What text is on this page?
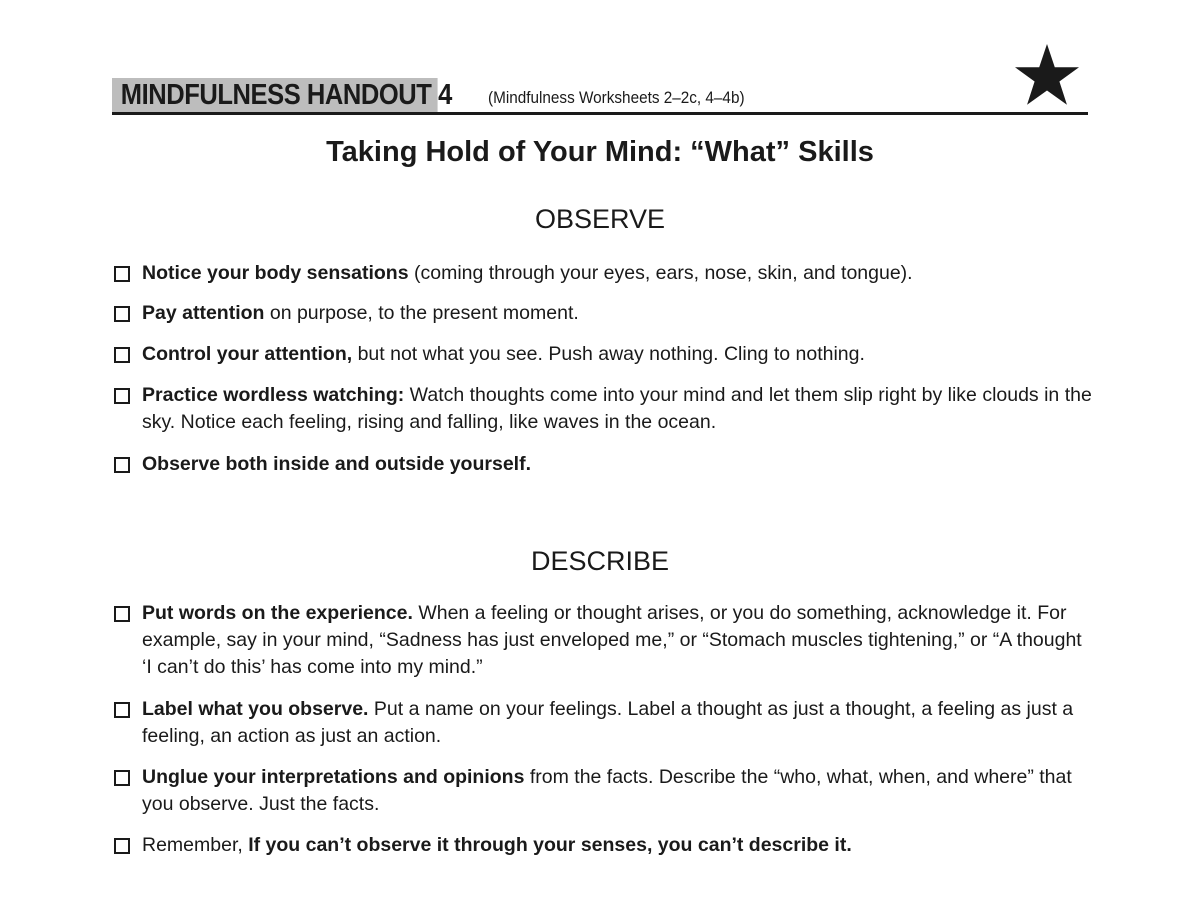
MINDFULNESS HANDOUT 4 (Mindfulness Worksheets 2–2c, 4–4b)
Taking Hold of Your Mind: “What” Skills
OBSERVE
Notice your body sensations (coming through your eyes, ears, nose, skin, and tongue).
Pay attention on purpose, to the present moment.
Control your attention, but not what you see. Push away nothing. Cling to nothing.
Practice wordless watching: Watch thoughts come into your mind and let them slip right by like clouds in the sky. Notice each feeling, rising and falling, like waves in the ocean.
Observe both inside and outside yourself.
DESCRIBE
Put words on the experience. When a feeling or thought arises, or you do something, acknowledge it. For example, say in your mind, “Sadness has just enveloped me,” or “Stomach muscles tightening,” or “A thought ‘I can’t do this’ has come into my mind.”
Label what you observe. Put a name on your feelings. Label a thought as just a thought, a feeling as just a feeling, an action as just an action.
Unglue your interpretations and opinions from the facts. Describe the “who, what, when, and where” that you observe. Just the facts.
Remember, If you can’t observe it through your senses, you can’t describe it.
